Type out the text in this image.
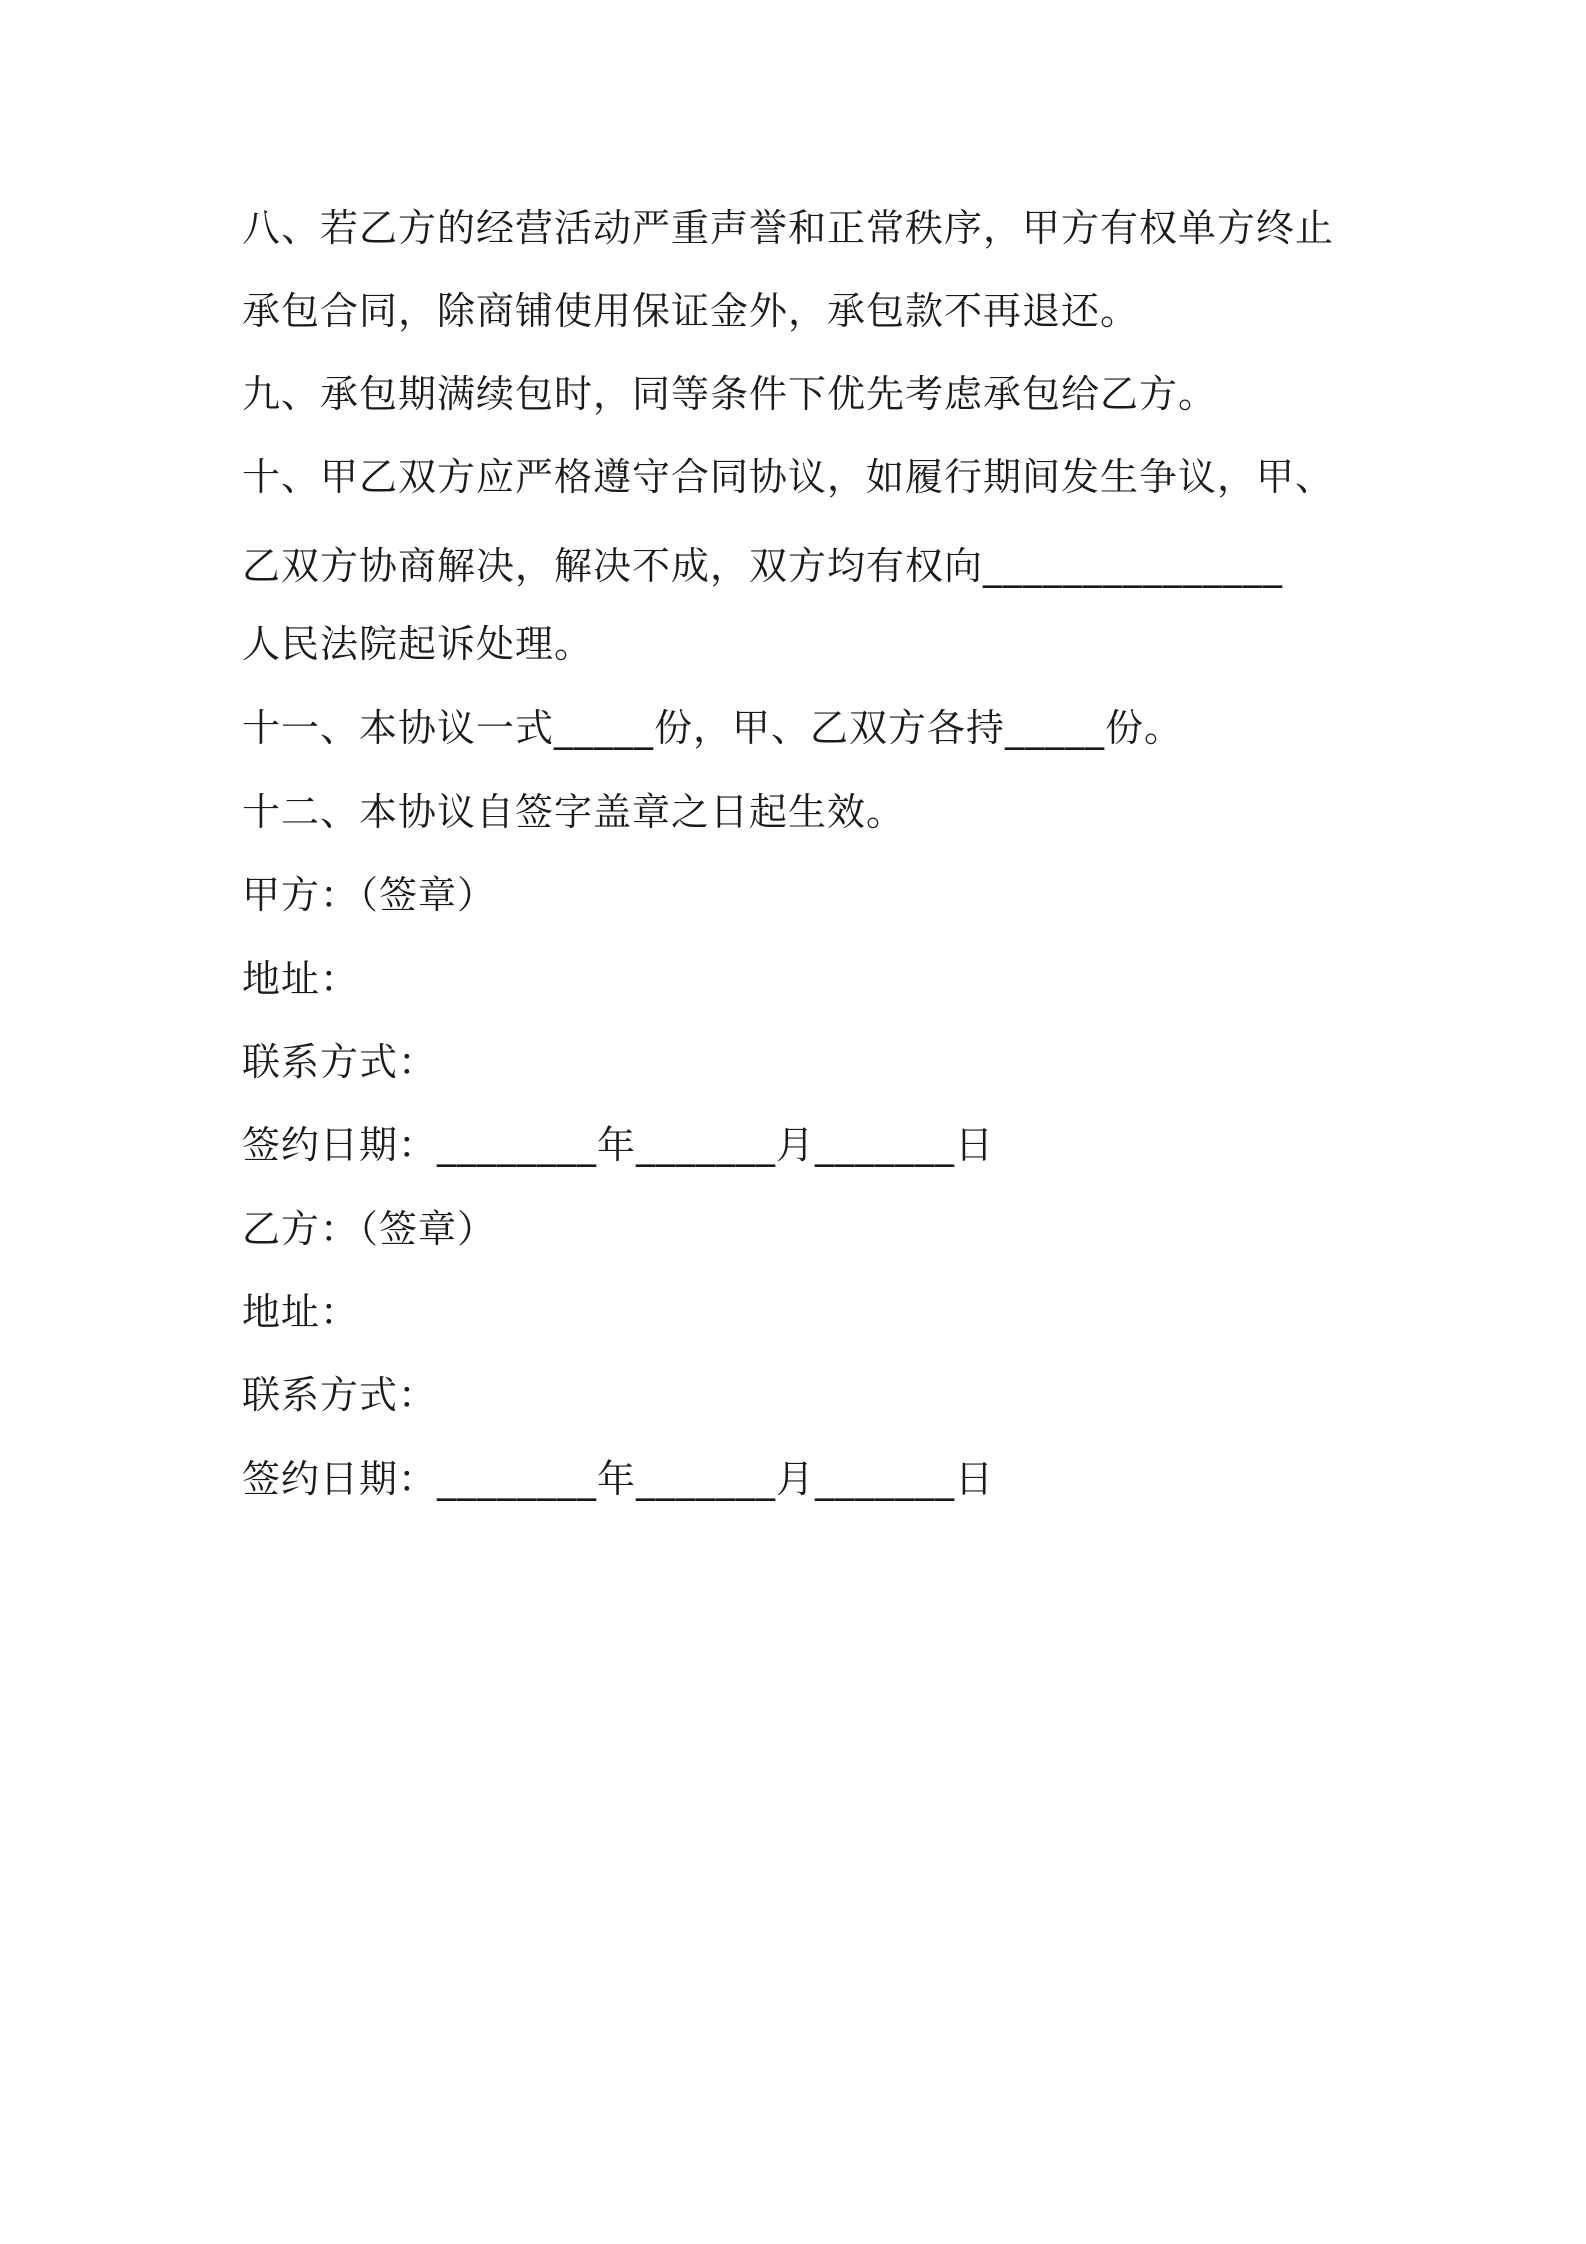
八、若乙方的经营活动严重声誉和正常秩序，甲方有权单方终止
承包合同，除商铺使用保证金外，承包款不再退还。
九、承包期满续包时，同等条件下优先考虑承包给乙方。
十、甲乙双方应严格遵守合同协议，如履行期间发生争议，甲、
乙双方协商解决，解决不成，双方均有权向_______________
人民法院起诉处理。
十一、本协议一式_____份，甲、乙双方各持_____份。
十二、本协议自签字盖章之日起生效。
甲方：（签章）
地址：
联系方式：
签约日期：________年_______月_______日
乙方：（签章）
地址：
联系方式：
签约日期：________年_______月_______日
